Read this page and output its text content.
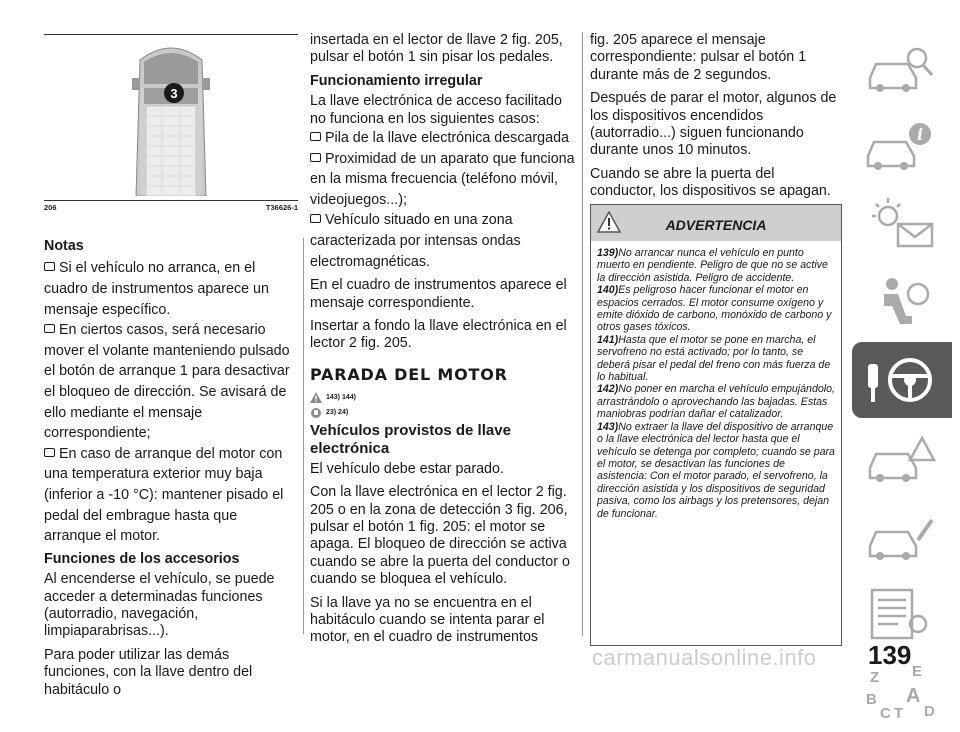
3
206	T36626-1
Notas
Si el vehículo no arranca, en el cuadro de instrumentos aparece un mensaje específico.
En ciertos casos, será necesario mover el volante manteniendo pulsado el botón de arranque 1 para desactivar el bloqueo de dirección. Se avisará de ello mediante el mensaje correspondiente;
En caso de arranque del motor con una temperatura exterior muy baja (inferior a -10 °C): mantener pisado el pedal del embrague hasta que arranque el motor.
Funciones de los accesorios

Al encenderse el vehículo, se puede acceder a determinadas funciones (autorradio, navegación, limpiaparabrisas...).

Para poder utilizar las demás funciones, con la llave dentro del habitáculo o

insertada en el lector de llave 2 fig. 205, pulsar el botón 1 sin pisar los pedales.

Funcionamiento irregular

La llave electrónica de acceso facilitado no funciona en los siguientes casos:

Pila de la llave electrónica descargada
Proximidad de un aparato que funciona en la misma frecuencia (teléfono móvil, videojuegos...);
Vehículo situado en una zona caracterizada por intensas ondas electromagnéticas.

En el cuadro de instrumentos aparece el mensaje correspondiente.

Insertar a fondo la llave electrónica en el lector 2 fig. 205.

PARADA DEL MOTOR
143) 144)
23) 24)
Vehículos provistos de llave electrónica

El vehículo debe estar parado.

Con la llave electrónica en el lector 2 fig. 205 o en la zona de detección 3 fig. 206, pulsar el botón 1 fig. 205: el motor se apaga. El bloqueo de dirección se activa cuando se abre la puerta del conductor o cuando se bloquea el vehículo.

Si la llave ya no se encuentra en el habitáculo cuando se intenta parar el motor, en el cuadro de instrumentos

fig. 205 aparece el mensaje correspondiente: pulsar el botón 1 durante más de 2 segundos.

Después de parar el motor, algunos de los dispositivos encendidos (autorradio...) siguen funcionando durante unos 10 minutos.

Cuando se abre la puerta del conductor, los dispositivos se apagan.

ADVERTENCIA

139)No arrancar nunca el vehículo en punto muerto en pendiente. Peligro de que no se active la dirección asistida. Peligro de accidente.

140)Es peligroso hacer funcionar el motor en espacios cerrados. El motor consume oxígeno y emite dióxido de carbono, monóxido de carbono y otros gases tóxicos.

141)Hasta que el motor se pone en marcha, el servofreno no está activado; por lo tanto, se deberá pisar el pedal del freno con más fuerza de lo habitual.

142)No poner en marcha el vehículo empujándolo, arrastrándolo o aprovechando las bajadas. Estas maniobras podrían dañar el catalizador.

143)No extraer la llave del dispositivo de arranque o la llave electrónica del lector hasta que el vehículo se detenga por completo; cuando se para el motor, se desactivan las funciones de asistencia: Con el motor parado, el servofreno, la dirección asistida y los dispositivos de seguridad pasiva, como los airbags y los pretensores, dejan de funcionar.

i
Z E
B A
C T D
139
carmanualsonline.info
